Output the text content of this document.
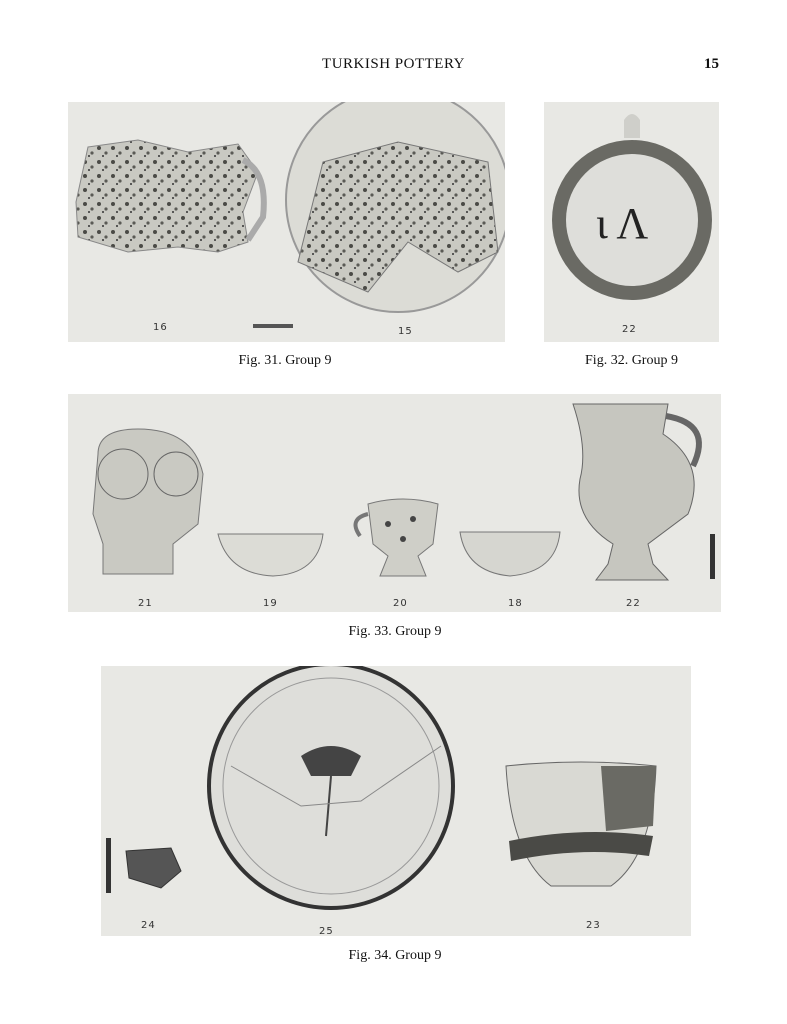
TURKISH POTTERY	15
16	15
Fig. 31. Group 9
ι Λ
22
Fig. 32. Group 9
21	19	20	18	22
Fig. 33. Group 9
24
25
23
Fig. 34. Group 9
